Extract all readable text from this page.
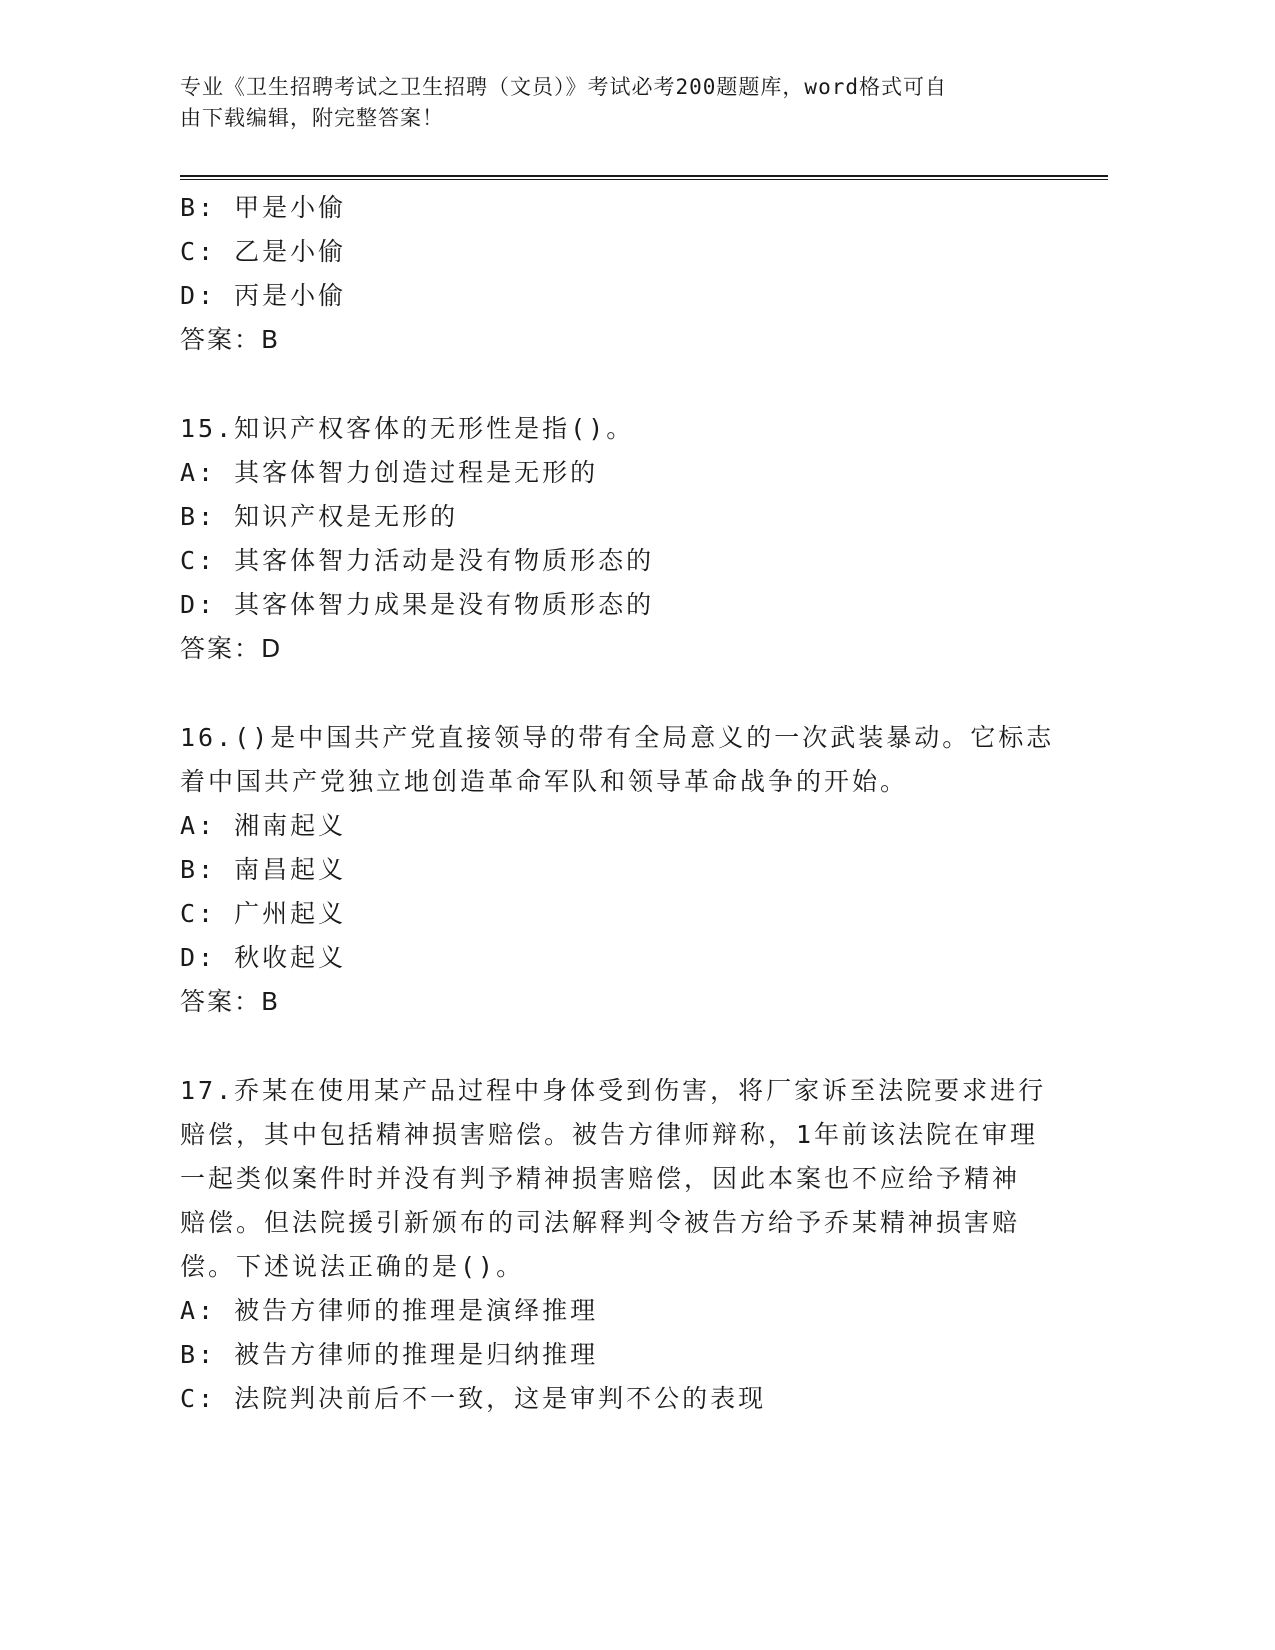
专业《卫生招聘考试之卫生招聘（文员）》考试必考200题题库，word格式可自
由下载编辑，附完整答案！
B: 甲是小偷
C: 乙是小偷
D: 丙是小偷
答案：B
15.知识产权客体的无形性是指()。
A: 其客体智力创造过程是无形的
B: 知识产权是无形的
C: 其客体智力活动是没有物质形态的
D: 其客体智力成果是没有物质形态的
答案：D
16.()是中国共产党直接领导的带有全局意义的一次武装暴动。它标志
着中国共产党独立地创造革命军队和领导革命战争的开始。
A: 湘南起义
B: 南昌起义
C: 广州起义
D: 秋收起义
答案：B
17.乔某在使用某产品过程中身体受到伤害，将厂家诉至法院要求进行
赔偿，其中包括精神损害赔偿。被告方律师辩称，1年前该法院在审理
一起类似案件时并没有判予精神损害赔偿，因此本案也不应给予精神
赔偿。但法院援引新颁布的司法解释判令被告方给予乔某精神损害赔
偿。下述说法正确的是()。
A: 被告方律师的推理是演绎推理
B: 被告方律师的推理是归纳推理
C: 法院判决前后不一致，这是审判不公的表现
